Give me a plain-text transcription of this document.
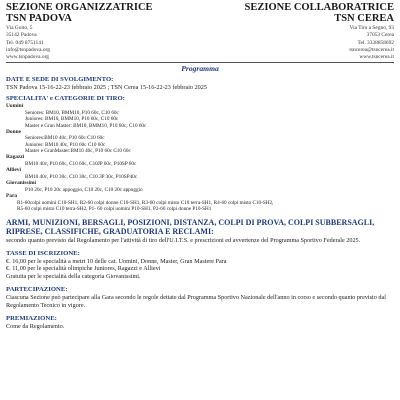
SEZIONE ORGANIZZATRICE
TSN PADOVA
Via Goito, 5
35142 Padova
Tel. 049 8751141
info@tsnpadova.org
www.tsnpadova.org
SEZIONE COLLABORATRICE
TSN CEREA
Via Tiro a Segno, 93
37053 Cerea
Tel. 3338858692
tsncerea@tsncerea.it
www.tsncerea.it
Programma
DATE E SEDE DI SVOLGIMENTO:
TSN Padova 15-16-22-23 febbraio 2025 ; TSN Cerea 15-16-22-23 febbraio 2025
SPECIALITA' e CATEGORIE DI TIRO:
Uomini
Seniores: BM10, BMM10, P10 60c, C10 60c
Juniores: BM10, BMM10, P10 60c, C10 60c
Master e Gran Master: BM10, BMM10, P10 60c, C10 60c
Donne
Seniores:BM10 40c, P10 60c C10 60c
Juniores: BM10 40c, P10 60c C10 60c
Master e GranMaster:BM10 40c, P10 60c C10 60c
Ragazzi
BM10 40c, P10 60c, C10 60c, C10JP 60c, P10SP 60c
Allievi
BM10 40c, P10 30c, C10 30c, C10.3P 30c, P10SP40c
Giovanissimi
P10 20c, P10 20c appoggio, C10 20c, C10 20c appoggio
Para
R1-60colpi uomini C10-SH1, R2-60 colpi donne C10-SH1, R3-60 colpi misto C10 terra-SH1, R4-60 colpi misto C10-SH2,
R5-60 colpi misto C10 terra-SH2, P1- 60 colpi uomini P10-SH1, P2-60 colpi donne P10-SH1
ARMI, MUNIZIONI, BERSAGLI, POSIZIONI, DISTANZA, COLPI DI PROVA, COLPI SUBBERSAGLI, RIPRESE, CLASSIFICHE, GRADUATORIA E RECLAMI:
secondo quanto previsto dal Regolamento per l'attività di tiro dell'U.I.T.S. e prescrizioni ed avvertenze del Programma Sportivo Federale 2025.
TASSE DI ISCRIZIONE:
€. 16,00 per le specialità a metri 10 delle cat. Uomini, Donne, Master, Gran Mastere Para
€. 11,00 per le specialità olimpiche Juniores, Ragazzi e Allievi
Gratuita per le specialità della categoria Giovanissimi.
PARTECIPAZIONE:
Ciascuna Sezione può partecipare alla Gara secondo le regole dettate dal Programma Sportivo Nazionale dell'anno in corso e secondo quanto previsto dal Regolamento Tecnico in vigore.
PREMIAZIONE:
Come da Regolamento.
